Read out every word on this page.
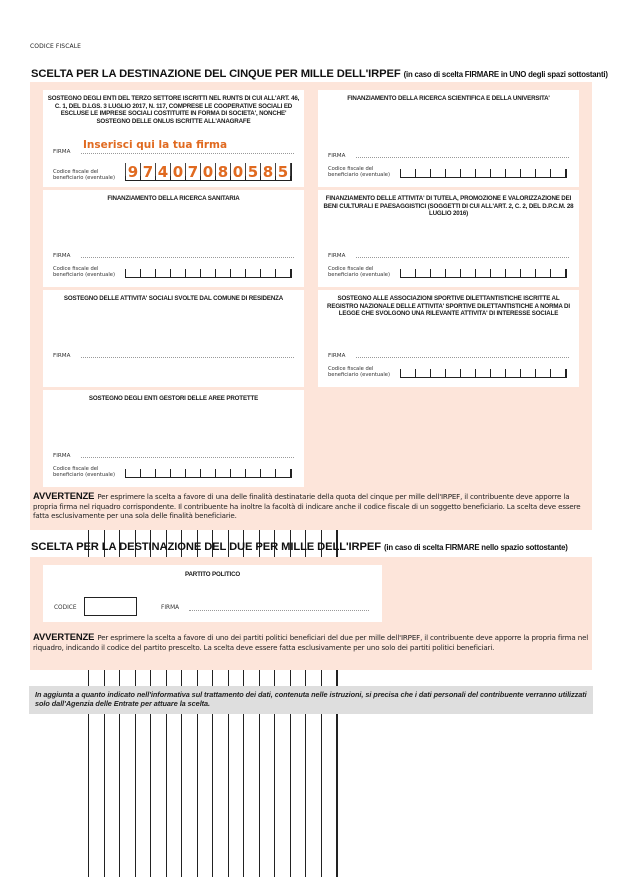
CODICE FISCALE
SCELTA PER LA DESTINAZIONE DEL CINQUE PER MILLE DELL'IRPEF (in caso di scelta FIRMARE in UNO degli spazi sottostanti)
SOSTEGNO DEGLI ENTI DEL TERZO SETTORE ISCRITTI NEL RUNTS DI CUI ALL'ART. 46, C. 1, DEL D.LGS. 3 LUGLIO 2017, N. 117, COMPRESE LE COOPERATIVE SOCIALI ED ESCLUSE LE IMPRESE SOCIALI COSTITUITE IN FORMA DI SOCIETA', NONCHE' SOSTEGNO DELLE ONLUS ISCRITTE ALL'ANAGRAFE
FIRMA
Inserisci qui la tua firma
Codice fiscale del
beneficiario (eventuale) 9 7 4 0 7 0 8 0 5 8 5
FINANZIAMENTO DELLA RICERCA SCIENTIFICA E DELLA UNIVERSITA'
FIRMA
Codice fiscale del
beneficiario (eventuale)
FINANZIAMENTO DELLA RICERCA SANITARIA
FIRMA
Codice fiscale del
beneficiario (eventuale)
FINANZIAMENTO DELLE ATTIVITA' DI TUTELA, PROMOZIONE E VALORIZZAZIONE DEI BENI CULTURALI E PAESAGGISTICI (SOGGETTI DI CUI ALL'ART. 2, C. 2, DEL D.P.C.M. 28 LUGLIO 2016)
FIRMA
Codice fiscale del
beneficiario (eventuale)
SOSTEGNO DELLE ATTIVITA' SOCIALI SVOLTE DAL COMUNE DI RESIDENZA
FIRMA
SOSTEGNO ALLE ASSOCIAZIONI SPORTIVE DILETTANTISTICHE ISCRITTE AL REGISTRO NAZIONALE DELLE ATTIVITA' SPORTIVE DILETTANTISTICHE A NORMA DI LEGGE CHE SVOLGONO UNA RILEVANTE ATTIVITA' DI INTERESSE SOCIALE
FIRMA
Codice fiscale del
beneficiario (eventuale)
SOSTEGNO DEGLI ENTI GESTORI DELLE AREE PROTETTE
FIRMA
Codice fiscale del
beneficiario (eventuale)
AVVERTENZE Per esprimere la scelta a favore di una delle finalità destinatarie della quota del cinque per mille dell'IRPEF, il contribuente deve apporre la propria firma nel riquadro corrispondente. Il contribuente ha inoltre la facoltà di indicare anche il codice fiscale di un soggetto beneficiario. La scelta deve essere fatta esclusivamente per una sola delle finalità beneficiarie.
SCELTA PER LA DESTINAZIONE DEL DUE PER MILLE DELL'IRPEF (in caso di scelta FIRMARE nello spazio sottostante)
PARTITO POLITICO
CODICE	FIRMA
AVVERTENZE Per esprimere la scelta a favore di uno dei partiti politici beneficiari del due per mille dell'IRPEF, il contribuente deve apporre la propria firma nel riquadro, indicando il codice del partito prescelto. La scelta deve essere fatta esclusivamente per uno solo dei partiti politici beneficiari.
In aggiunta a quanto indicato nell'informativa sul trattamento dei dati, contenuta nelle istruzioni, si precisa che i dati personali del contribuente verranno utilizzati solo dall'Agenzia delle Entrate per attuare la scelta.
